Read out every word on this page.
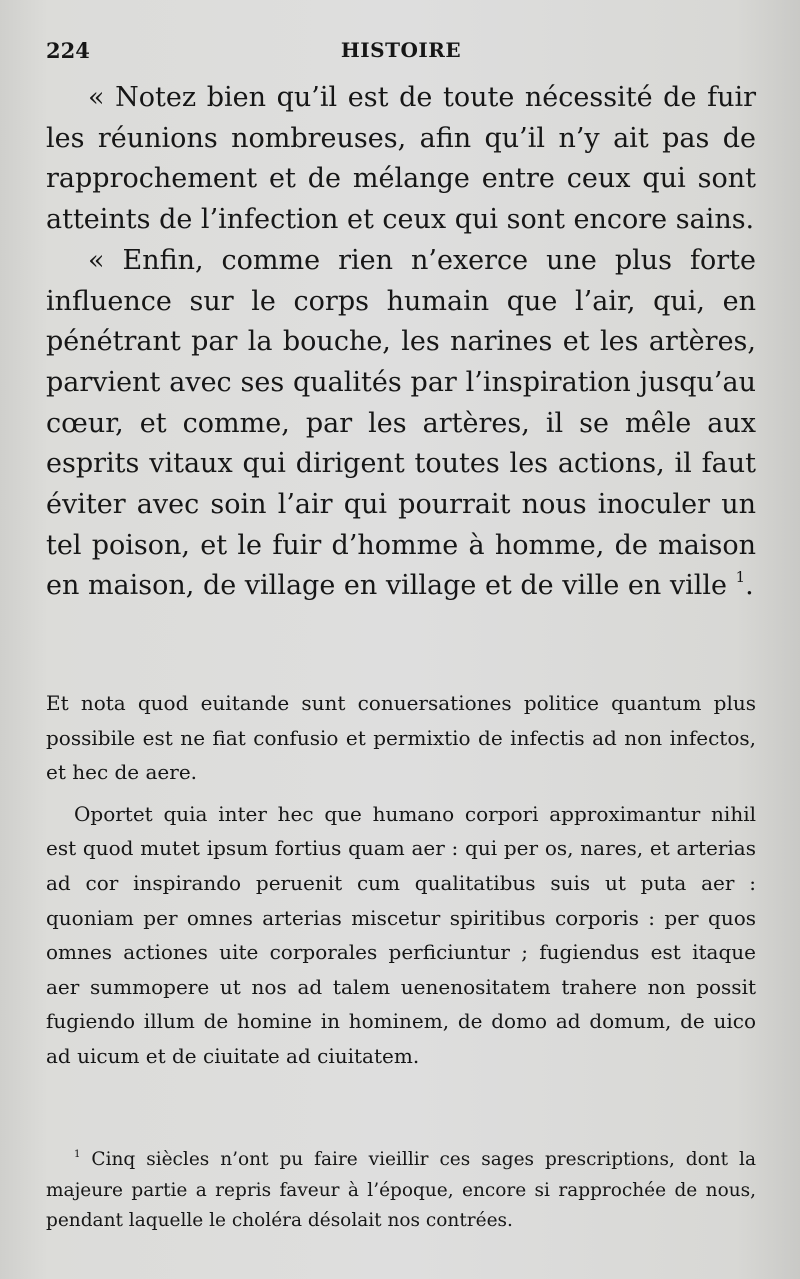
224	HISTOIRE

« Notez bien qu’il est de toute nécessité de fuir les réunions nombreuses, afin qu’il n’y ait pas de rapprochement et de mélange entre ceux qui sont atteints de l’infection et ceux qui sont encore sains.

« Enfin, comme rien n’exerce une plus forte influence sur le corps humain que l’air, qui, en pénétrant par la bouche, les narines et les artères, parvient avec ses qualités par l’inspiration jusqu’au cœur, et comme, par les artères, il se mêle aux esprits vitaux qui dirigent toutes les actions, il faut éviter avec soin l’air qui pourrait nous inoculer un tel poison, et le fuir d’homme à homme, de maison en maison, de village en village et de ville en ville $^1$.

Et nota quod euitande sunt conuersationes politice quantum plus possibile est ne fiat confusio et permixtio de infectis ad non infectos, et hec de aere.

Oportet quia inter hec que humano corpori approximantur nihil est quod mutet ipsum fortius quam aer : qui per os, nares, et arterias ad cor inspirando peruenit cum qualitatibus suis ut puta aer : quoniam per omnes arterias miscetur spiritibus corporis : per quos omnes actiones uite corporales perficiuntur ; fugiendus est itaque aer summopere ut nos ad talem uenenositatem trahere non possit fugiendo illum de homine in hominem, de domo ad domum, de uico ad uicum et de ciuitate ad ciuitatem.

$^1$ Cinq siècles n’ont pu faire vieillir ces sages prescriptions, dont la majeure partie a repris faveur à l’époque, encore si rapprochée de nous, pendant laquelle le choléra désolait nos contrées.
